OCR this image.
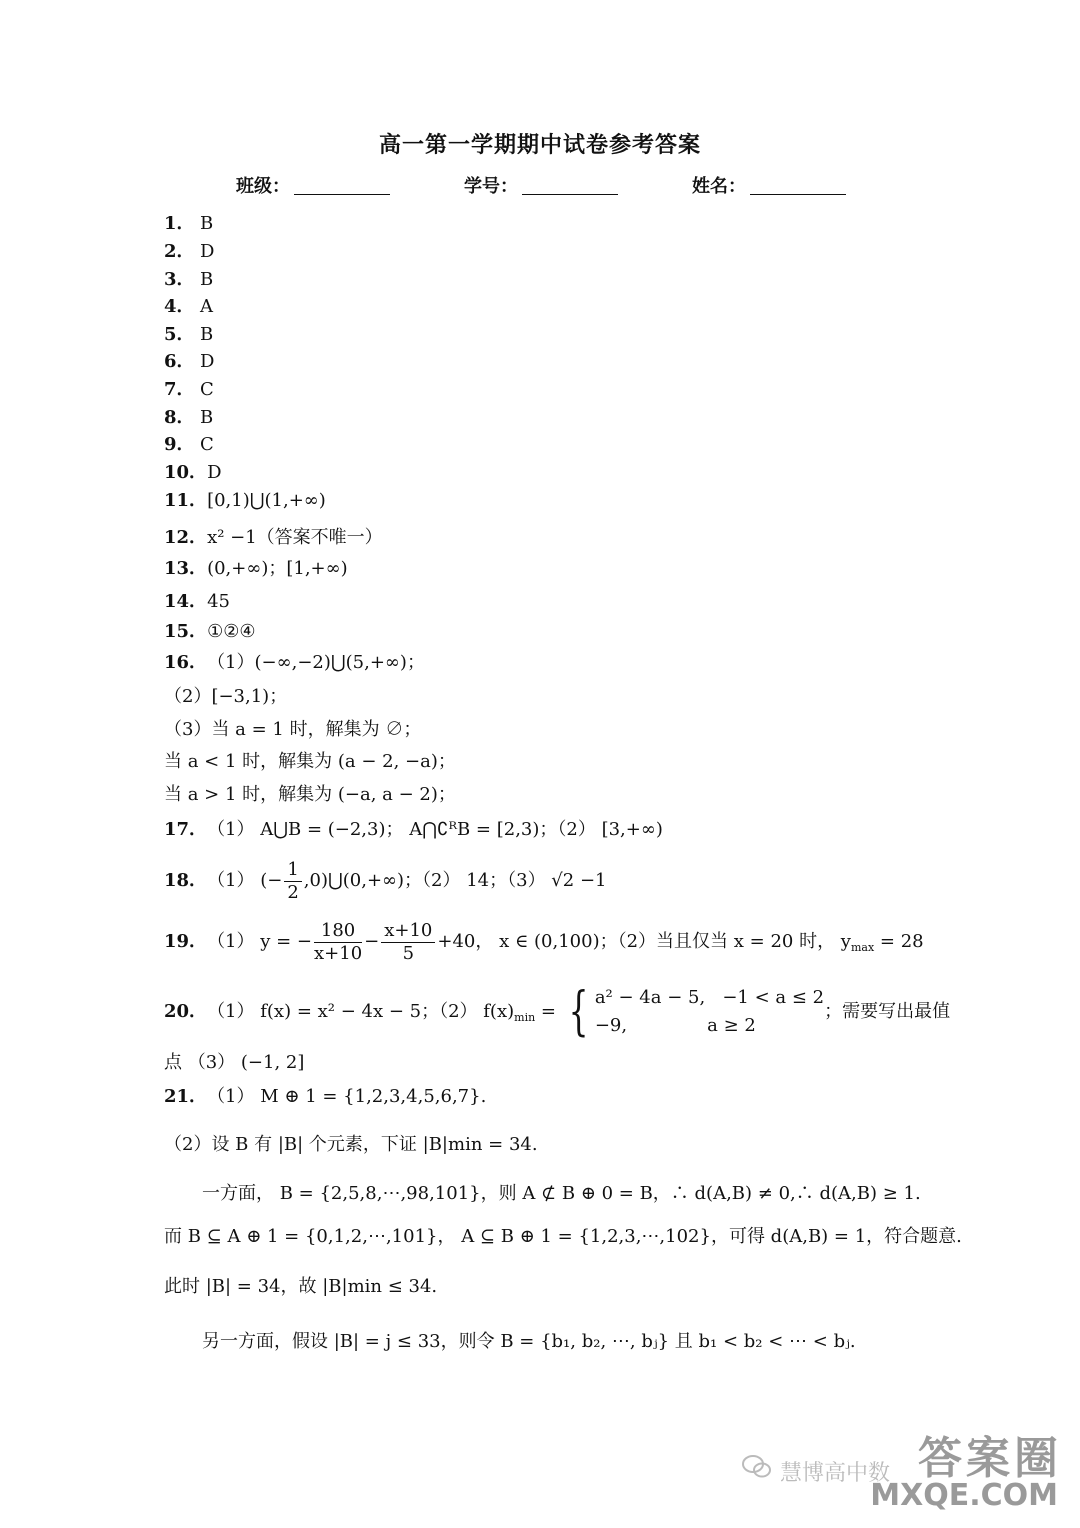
高一第一学期期中试卷参考答案
班级：	学号：	姓名：
1． B
2． D
3． B
4． A
5． B
6． D
7． C
8． B
9． C
10．D
11．[0,1)⋃(1,+∞)
12．x² −1（答案不唯一）
13．(0,+∞)；[1,+∞)
14．45
15．①②④
16．（1）(−∞,−2)⋃(5,+∞)；
（2）[−3,1)；
（3）当 a = 1 时，解集为 ∅；
当 a < 1 时，解集为 (a − 2, −a)；
当 a > 1 时，解集为 (−a, a − 2)；
17．（1） A⋃B = (−2,3)； A⋂∁ᴿB = [2,3)；（2） [3,+∞)
18．（1） (− $\frac{1}{2}$ ,0)⋃(0,+∞)；（2） 14；（3） √2 −1
19．（1） y = − $\frac{180}{x+10} - \frac{x+10}{5} +40$， x ∈ (0,100)；（2）当且仅当 x = 20 时， $y_{max} = 28$
20．（1） f(x) = x² − 4x − 5；（2） $f(x)_{min}$ = { a² − 4a − 5,   −1 < a ≤ 2
−9,              a ≥ 2
；需要写出最值
点 （3） (−1, 2]
21．（1） M ⊕ 1 = {1,2,3,4,5,6,7}.
（2）设 B 有 |B| 个元素，下证 |B|min = 34.
一方面， B = {2,5,8,⋯,98,101}，则 A ⊄ B ⊕ 0 = B，∴ d(A,B) ≠ 0,∴ d(A,B) ≥ 1.
而 B ⊆ A ⊕ 1 = {0,1,2,⋯,101}， A ⊆ B ⊕ 1 = {1,2,3,⋯,102}，可得 d(A,B) = 1，符合题意.
此时 |B| = 34，故 |B|min ≤ 34.
另一方面，假设 |B| = j ≤ 33，则令 B = {b₁, b₂, ⋯, bⱼ} 且 b₁ < b₂ < ⋯ < bⱼ.
慧博高中数 答案圈
MXQE.COM
